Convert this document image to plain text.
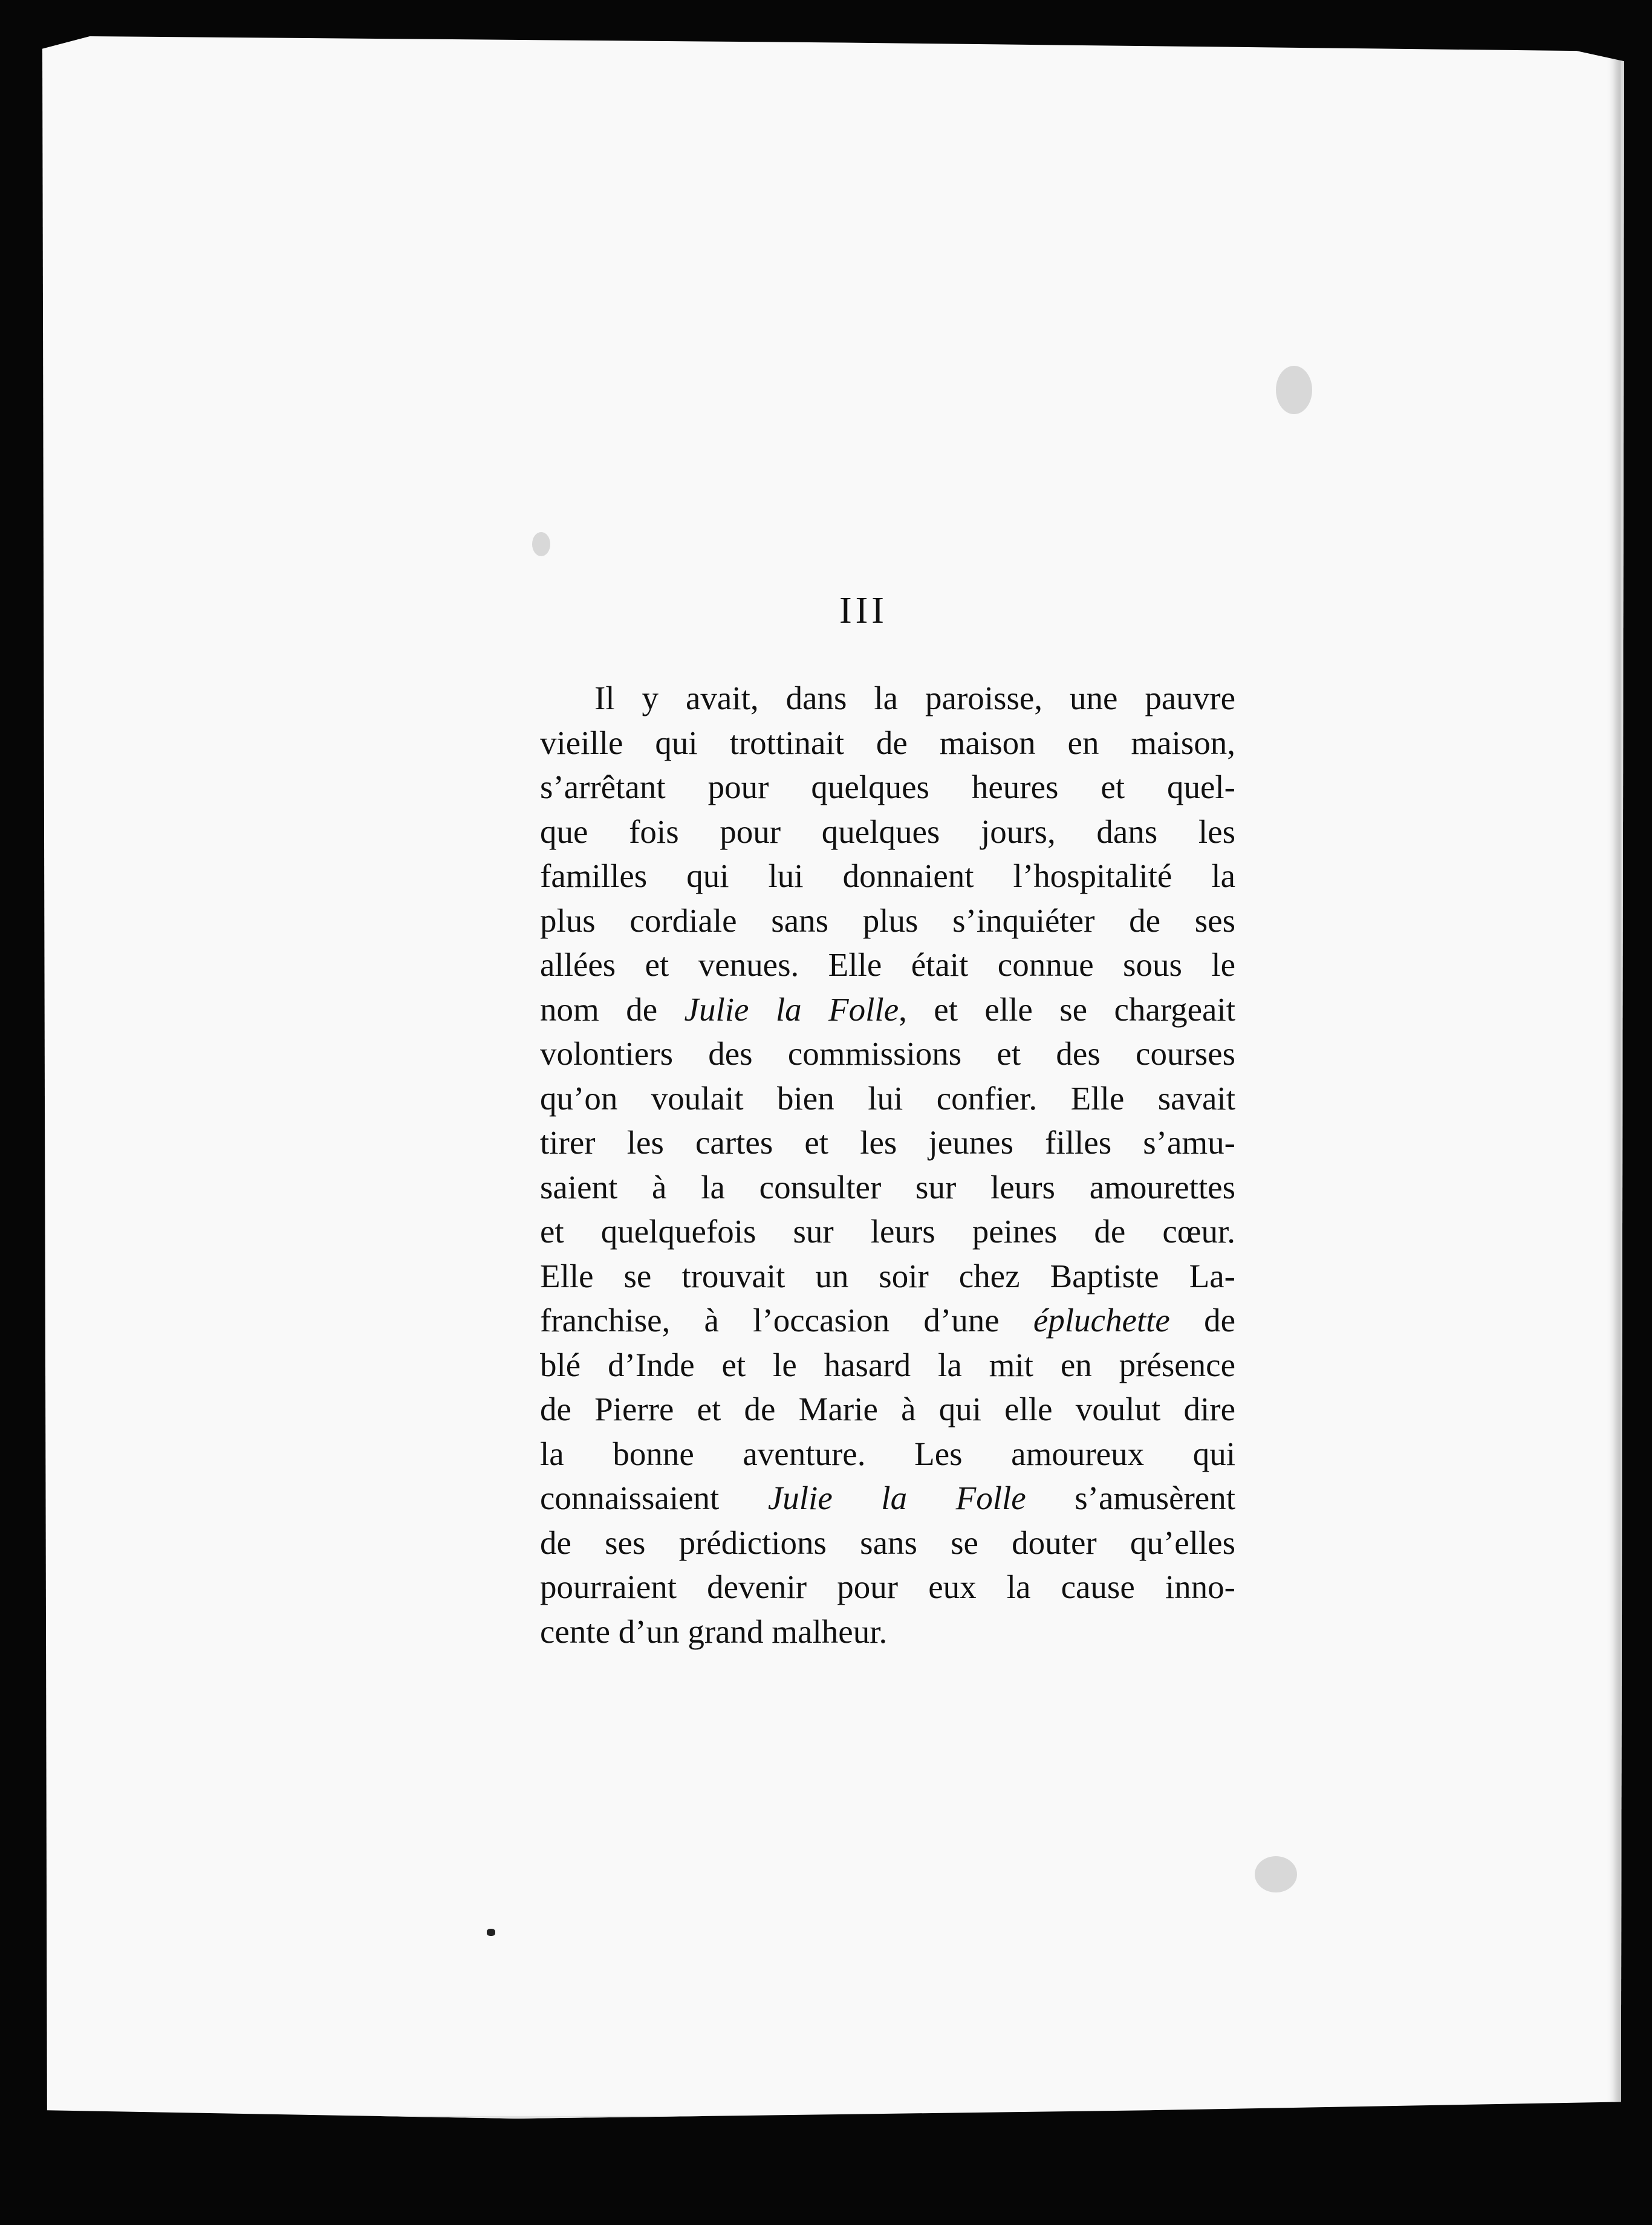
III
Il y avait, dans la paroisse, une pauvre
vieille qui trottinait de maison en maison,
s’arrêtant pour quelques heures et quel-
que fois pour quelques jours, dans les
familles qui lui donnaient l’hospitalité la
plus cordiale sans plus s’inquiéter de ses
allées et venues. Elle était connue sous le
nom de Julie la Folle, et elle se chargeait
volontiers des commissions et des courses
qu’on voulait bien lui confier. Elle savait
tirer les cartes et les jeunes filles s’amu-
saient à la consulter sur leurs amourettes
et quelquefois sur leurs peines de cœur.
Elle se trouvait un soir chez Baptiste La-
franchise, à l’occasion d’une épluchette de
blé d’Inde et le hasard la mit en présence
de Pierre et de Marie à qui elle voulut dire
la bonne aventure. Les amoureux qui
connaissaient Julie la Folle s’amusèrent
de ses prédictions sans se douter qu’elles
pourraient devenir pour eux la cause inno-
cente d’un grand malheur.
